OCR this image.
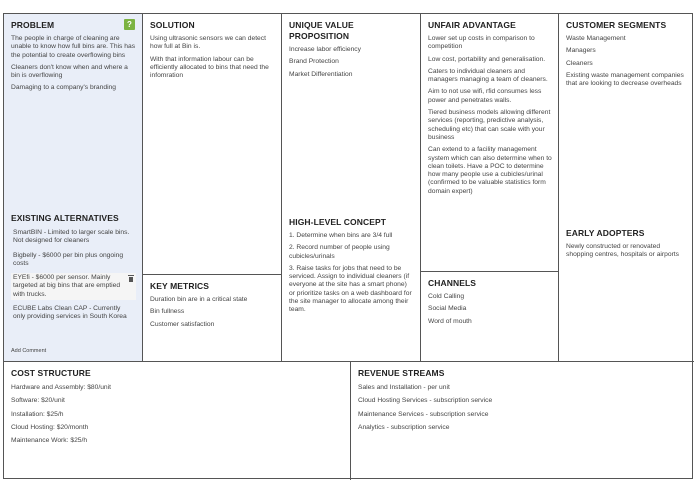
PROBLEM
The people in charge of cleaning are unable to know how full bins are. This has the potential to create overflowing bins
Cleaners don't know when and where a bin is overflowing
Damaging to a company's branding
?
EXISTING ALTERNATIVES
SmartBIN - Limited to larger scale bins. Not designed for cleaners
Bigbelly - $6000 per bin plus ongoing costs
EYEfi - $6000 per sensor. Mainly targeted at big bins that are emptied with trucks.
ECUBE Labs Clean CAP - Currently only providing services in South Korea
Add Comment
SOLUTION
Using ultrasonic sensors we can detect how full at Bin is.
With that information labour can be efficiently allocated to bins that need the infomration
KEY METRICS
Duration bin are in a critical state
Bin fullness
Customer satisfaction
UNIQUE VALUE PROPOSITION
Increase labor efficiency
Brand Protection
Market Differentiation
HIGH-LEVEL CONCEPT
1. Determine when bins are 3/4 full
2. Record number of people using cubicles/urinals
3. Raise tasks for jobs that need to be serviced. Assign to individual cleaners (if everyone at the site has a smart phone) or prioritize tasks on a web dashboard for the site manager to allocate among their team.
UNFAIR ADVANTAGE
Lower set up costs in comparison to competition
Low cost, portability and generalisation.
Caters to individual cleaners and managers managing a team of cleaners.
Aim to not use wifi, rfid consumes less power and penetrates walls.
Tiered business models allowing different services (reporting, predictive analysis, scheduling etc) that can scale with your business
Can extend to a facility management system which can also determine when to clean toilets. Have a POC to determine how many people use a cubicles/urinal (confirmed to be valuable statistics form domain expert)
CHANNELS
Cold Calling
Social Media
Word of mouth
CUSTOMER SEGMENTS
Waste Management
Managers
Cleaners
Existing waste management companies that are looking to decrease overheads
EARLY ADOPTERS
Newly constructed or renovated shopping centres, hospitals or airports
COST STRUCTURE
Hardware and Assembly: $80/unit
Software: $20/unit
Installation: $25/h
Cloud Hosting: $20/month
Maintenance Work: $25/h
REVENUE STREAMS
Sales and Installation - per unit
Cloud Hosting Services - subscription service
Maintenance Services - subscription service
Analytics - subscription service
